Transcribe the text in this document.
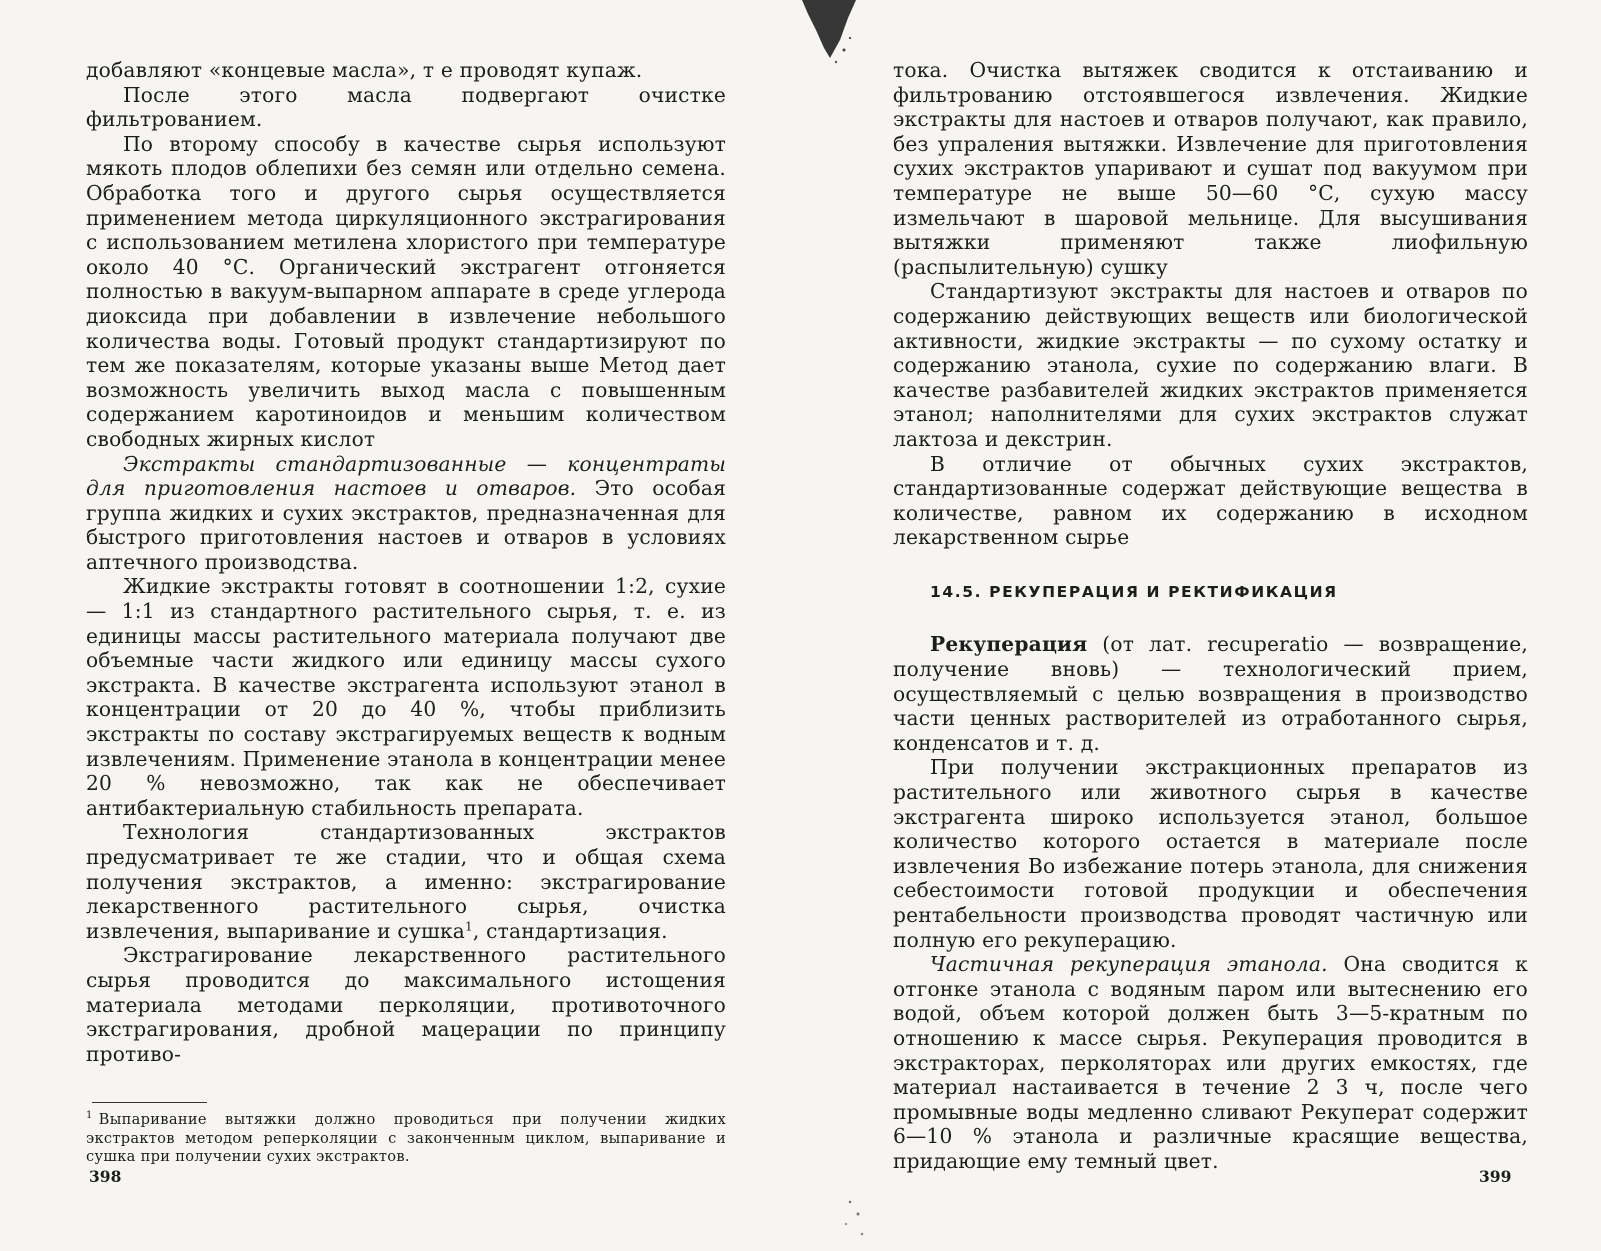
добавляют «концевые масла», т е проводят купаж.

После этого масла подвергают очистке фильтрованием.

По второму способу в качестве сырья используют мякоть плодов облепихи без семян или отдельно семена. Обработка того и другого сырья осуществляется применением метода циркуляционного экстрагирования с использованием метилена хлористого при температуре около 40 °С. Органический экстрагент отгоняется полностью в вакуум-выпарном аппарате в среде углерода диоксида при добавлении в извлечение небольшого количества воды. Готовый продукт стандартизируют по тем же показателям, которые указаны выше Метод дает возможность увеличить выход масла с повышенным содержанием каротиноидов и меньшим количеством свободных жирных кислот

Экстракты стандартизованные — концентраты для приготовления настоев и отваров. Это особая группа жидких и сухих экстрактов, предназначенная для быстрого приготовления настоев и отваров в условиях аптечного производства.

Жидкие экстракты готовят в соотношении 1:2, сухие — 1:1 из стандартного растительного сырья, т. е. из единицы массы растительного материала получают две объемные части жидкого или единицу массы сухого экстракта. В качестве экстрагента используют этанол в концентрации от 20 до 40 %, чтобы приблизить экстракты по составу экстрагируемых веществ к водным извлечениям. Применение этанола в концентрации менее 20 % невозможно, так как не обеспечивает антибактериальную стабильность препарата.

Технология стандартизованных экстрактов предусматривает те же стадии, что и общая схема получения экстрактов, а именно: экстрагирование лекарственного растительного сырья, очистка извлечения, выпаривание и сушка$^1$, стандартизация.

Экстрагирование лекарственного растительного сырья проводится до максимального истощения материала методами перколяции, противоточного экстрагирования, дробной мацерации по принципу противо-

$^1$ Выпаривание вытяжки должно проводиться при получении жидких экстрактов методом реперколяции с законченным циклом, выпаривание и сушка при получении сухих экстрактов.

398

тока. Очистка вытяжек сводится к отстаиванию и фильтрованию отстоявшегося извлечения. Жидкие экстракты для настоев и отваров получают, как правило, без упраления вытяжки. Извлечение для приготовления сухих экстрактов упаривают и сушат под вакуумом при температуре не выше 50—60 °С, сухую массу измельчают в шаровой мельнице. Для высушивания вытяжки применяют также лиофильную (распылительную) сушку

Стандартизуют экстракты для настоев и отваров по содержанию действующих веществ или биологической активности, жидкие экстракты — по сухому остатку и содержанию этанола, сухие по содержанию влаги. В качестве разбавителей жидких экстрактов применяется этанол; наполнителями для сухих экстрактов служат лактоза и декстрин.

В отличие от обычных сухих экстрактов, стандартизованные содержат действующие вещества в количестве, равном их содержанию в исходном лекарственном сырье

14.5. РЕКУПЕРАЦИЯ И РЕКТИФИКАЦИЯ

Рекуперация (от лат. recuperatio — возвращение, получение вновь) — технологический прием, осуществляемый с целью возвращения в производство части ценных растворителей из отработанного сырья, конденсатов и т. д.

При получении экстракционных препаратов из растительного или животного сырья в качестве экстрагента широко используется этанол, большое количество которого остается в материале после извлечения Во избежание потерь этанола, для снижения себестоимости готовой продукции и обеспечения рентабельности производства проводят частичную или полную его рекуперацию.

Частичная рекуперация этанола. Она сводится к отгонке этанола с водяным паром или вытеснению его водой, объем которой должен быть 3—5-кратным по отношению к массе сырья. Рекуперация проводится в экстракторах, перколяторах или других емкостях, где материал настаивается в течение 2 3 ч, после чего промывные воды медленно сливают Рекуперат содержит 6—10 % этанола и различные красящие вещества, придающие ему темный цвет.

399
